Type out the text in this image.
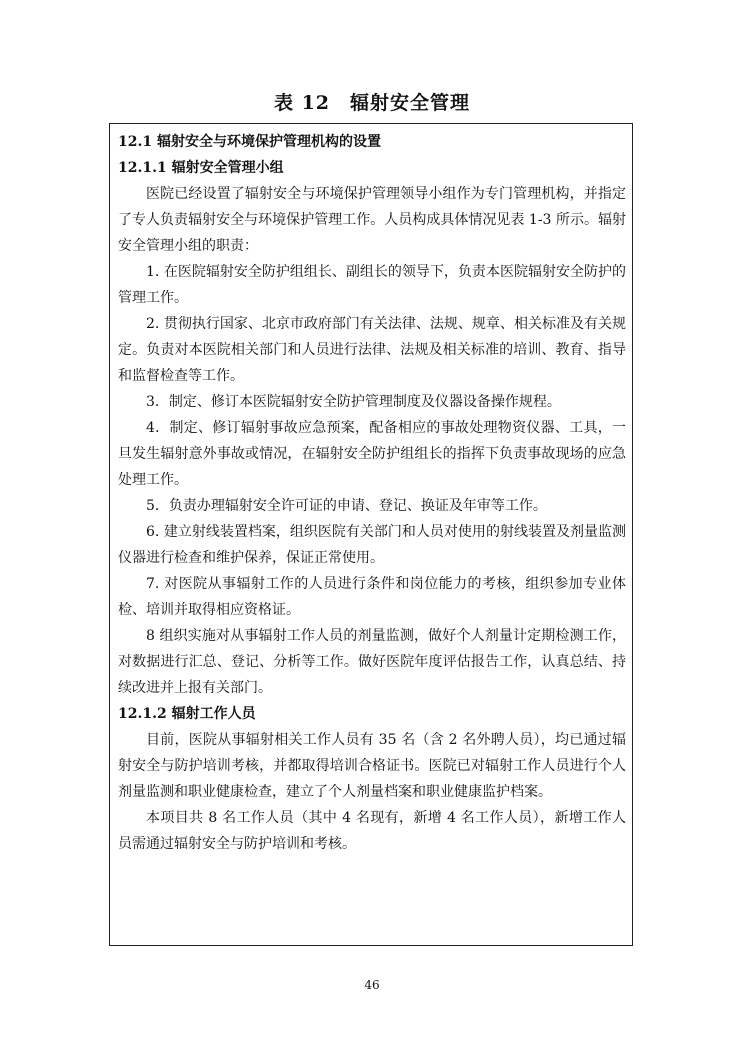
表 12　辐射安全管理

12.1 辐射安全与环境保护管理机构的设置

12.1.1 辐射安全管理小组

医院已经设置了辐射安全与环境保护管理领导小组作为专门管理机构，并指定了专人负责辐射安全与环境保护管理工作。人员构成具体情况见表 1-3 所示。辐射安全管理小组的职责：

1. 在医院辐射安全防护组组长、副组长的领导下，负责本医院辐射安全防护的管理工作。

2. 贯彻执行国家、北京市政府部门有关法律、法规、规章、相关标准及有关规定。负责对本医院相关部门和人员进行法律、法规及相关标准的培训、教育、指导和监督检查等工作。

3．制定、修订本医院辐射安全防护管理制度及仪器设备操作规程。

4．制定、修订辐射事故应急预案，配备相应的事故处理物资仪器、工具，一旦发生辐射意外事故或情况，在辐射安全防护组组长的指挥下负责事故现场的应急处理工作。

5．负责办理辐射安全许可证的申请、登记、换证及年审等工作。

6. 建立射线装置档案，组织医院有关部门和人员对使用的射线装置及剂量监测仪器进行检查和维护保养，保证正常使用。

7. 对医院从事辐射工作的人员进行条件和岗位能力的考核，组织参加专业体检、培训并取得相应资格证。

8 组织实施对从事辐射工作人员的剂量监测，做好个人剂量计定期检测工作，对数据进行汇总、登记、分析等工作。做好医院年度评估报告工作，认真总结、持续改进并上报有关部门。

12.1.2 辐射工作人员

目前，医院从事辐射相关工作人员有 35 名（含 2 名外聘人员），均已通过辐射安全与防护培训考核，并都取得培训合格证书。医院已对辐射工作人员进行个人剂量监测和职业健康检查，建立了个人剂量档案和职业健康监护档案。

本项目共 8 名工作人员（其中 4 名现有，新增 4 名工作人员），新增工作人员需通过辐射安全与防护培训和考核。

46
